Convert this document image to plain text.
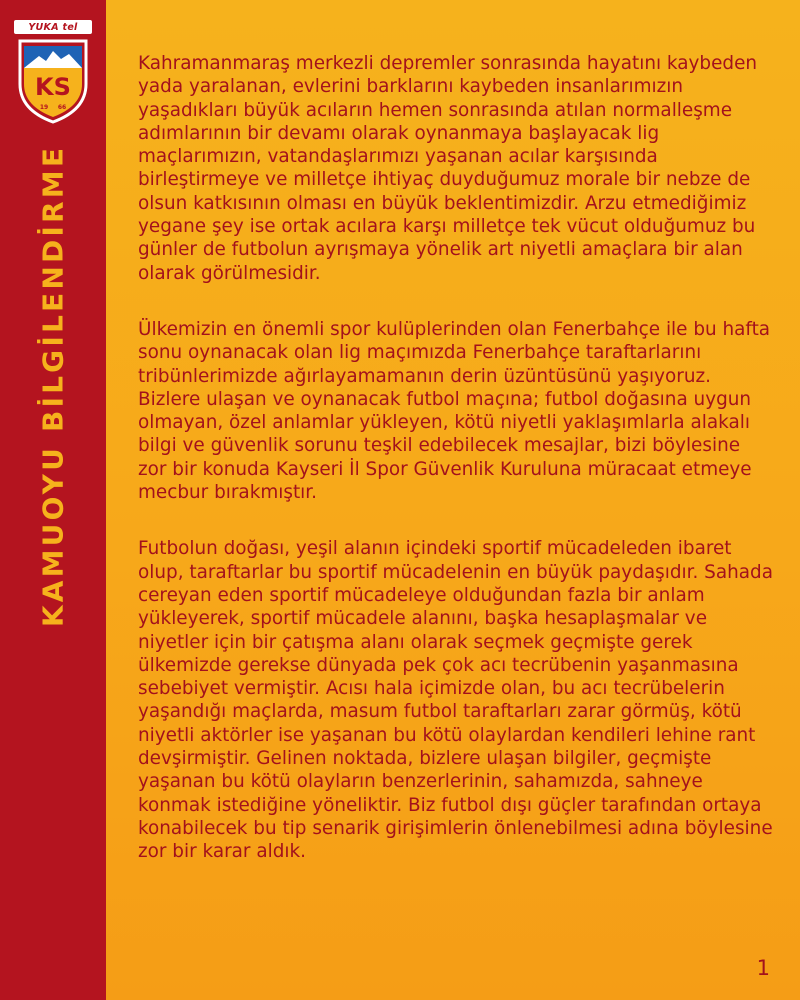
YUKA tel
KS
19 66
KAMUOYU BİLGİLENDİRME

Kahramanmaraş merkezli depremler sonrasında hayatını kaybeden yada yaralanan, evlerini barklarını kaybeden insanlarımızın yaşadıkları büyük acıların hemen sonrasında atılan normalleşme adımlarının bir devamı olarak oynanmaya başlayacak lig maçlarımızın, vatandaşlarımızı yaşanan acılar karşısında birleştirmeye ve milletçe ihtiyaç duyduğumuz morale bir nebze de olsun katkısının olması en büyük beklentimizdir. Arzu etmediğimiz yegane şey ise ortak acılara karşı milletçe tek vücut olduğumuz bu günler de futbolun ayrışmaya yönelik art niyetli amaçlara bir alan olarak görülmesidir.

Ülkemizin en önemli spor kulüplerinden olan Fenerbahçe ile bu hafta sonu oynanacak olan lig maçımızda Fenerbahçe taraftarlarını tribünlerimizde ağırlayamamanın derin üzüntüsünü yaşıyoruz. Bizlere ulaşan ve oynanacak futbol maçına; futbol doğasına uygun olmayan, özel anlamlar yükleyen, kötü niyetli yaklaşımlarla alakalı bilgi ve güvenlik sorunu teşkil edebilecek mesajlar, bizi böylesine zor bir konuda Kayseri İl Spor Güvenlik Kuruluna müracaat etmeye mecbur bırakmıştır.

Futbolun doğası, yeşil alanın içindeki sportif mücadeleden ibaret olup, taraftarlar bu sportif mücadelenin en büyük paydaşıdır. Sahada cereyan eden sportif mücadeleye olduğundan fazla bir anlam yükleyerek, sportif mücadele alanını, başka hesaplaşmalar ve niyetler için bir çatışma alanı olarak seçmek geçmişte gerek ülkemizde gerekse dünyada pek çok acı tecrübenin yaşanmasına sebebiyet vermiştir. Acısı hala içimizde olan, bu acı tecrübelerin yaşandığı maçlarda, masum futbol taraftarları zarar görmüş, kötü niyetli aktörler ise yaşanan bu kötü olaylardan kendileri lehine rant devşirmiştir. Gelinen noktada, bizlere ulaşan bilgiler, geçmişte yaşanan bu kötü olayların benzerlerinin, sahamızda, sahneye konmak istediğine yöneliktir. Biz futbol dışı güçler tarafından ortaya konabilecek bu tip senarik girişimlerin önlenebilmesi adına böylesine zor bir karar aldık.

1
